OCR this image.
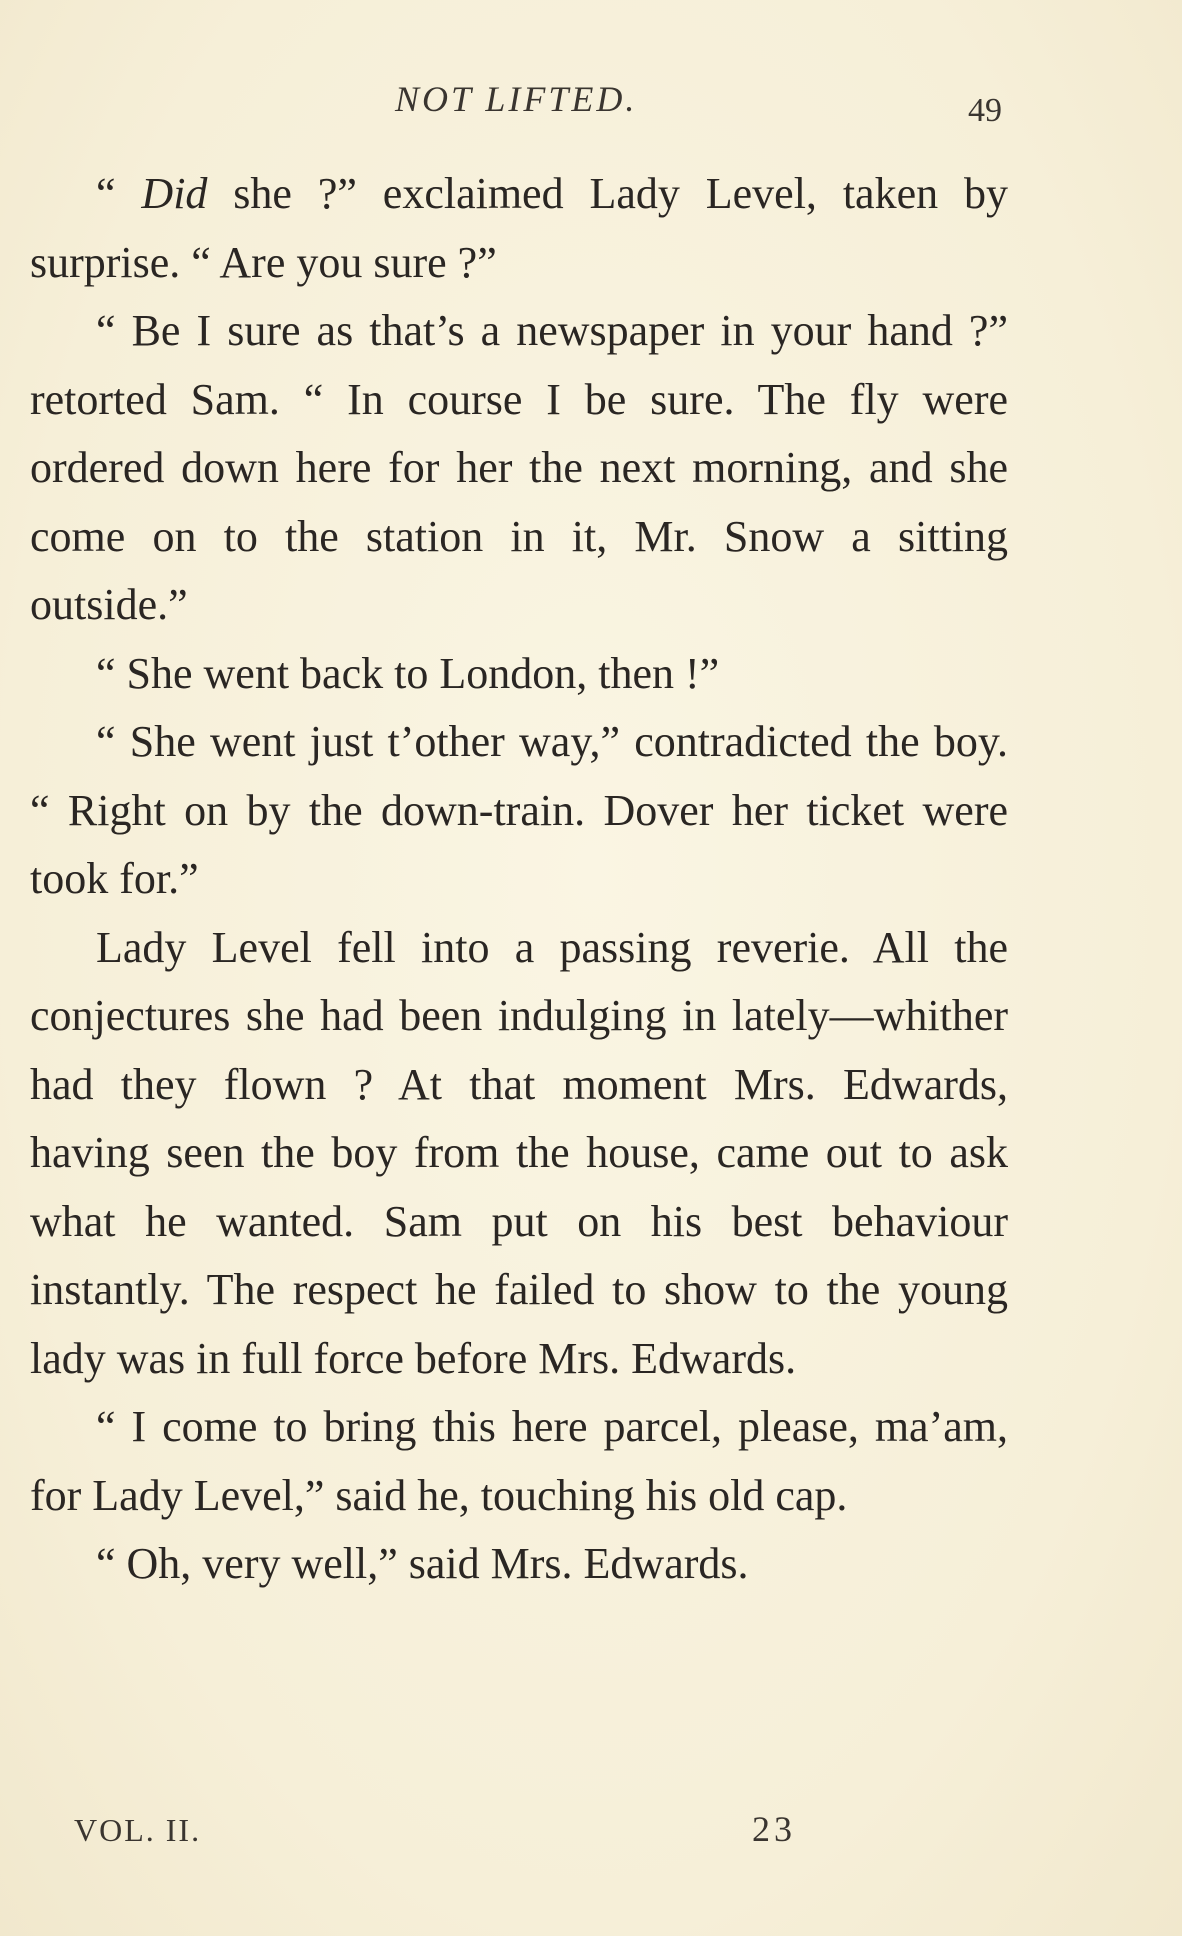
NOT LIFTED.	49

“ Did she ?” exclaimed Lady Level, taken by surprise. “ Are you sure ?”

“ Be I sure as that’s a newspaper in your hand ?” retorted Sam. “ In course I be sure. The fly were ordered down here for her the next morning, and she come on to the station in it, Mr. Snow a sitting outside.”

“ She went back to London, then !”

“ She went just t’other way,” contradicted the boy. “ Right on by the down-train. Dover her ticket were took for.”

Lady Level fell into a passing reverie. All the conjectures she had been indulging in lately—whither had they flown ? At that moment Mrs. Edwards, having seen the boy from the house, came out to ask what he wanted. Sam put on his best behaviour instantly. The respect he failed to show to the young lady was in full force before Mrs. Edwards.

“ I come to bring this here parcel, please, ma’am, for Lady Level,” said he, touching his old cap.

“ Oh, very well,” said Mrs. Edwards.

VOL. II.	23
